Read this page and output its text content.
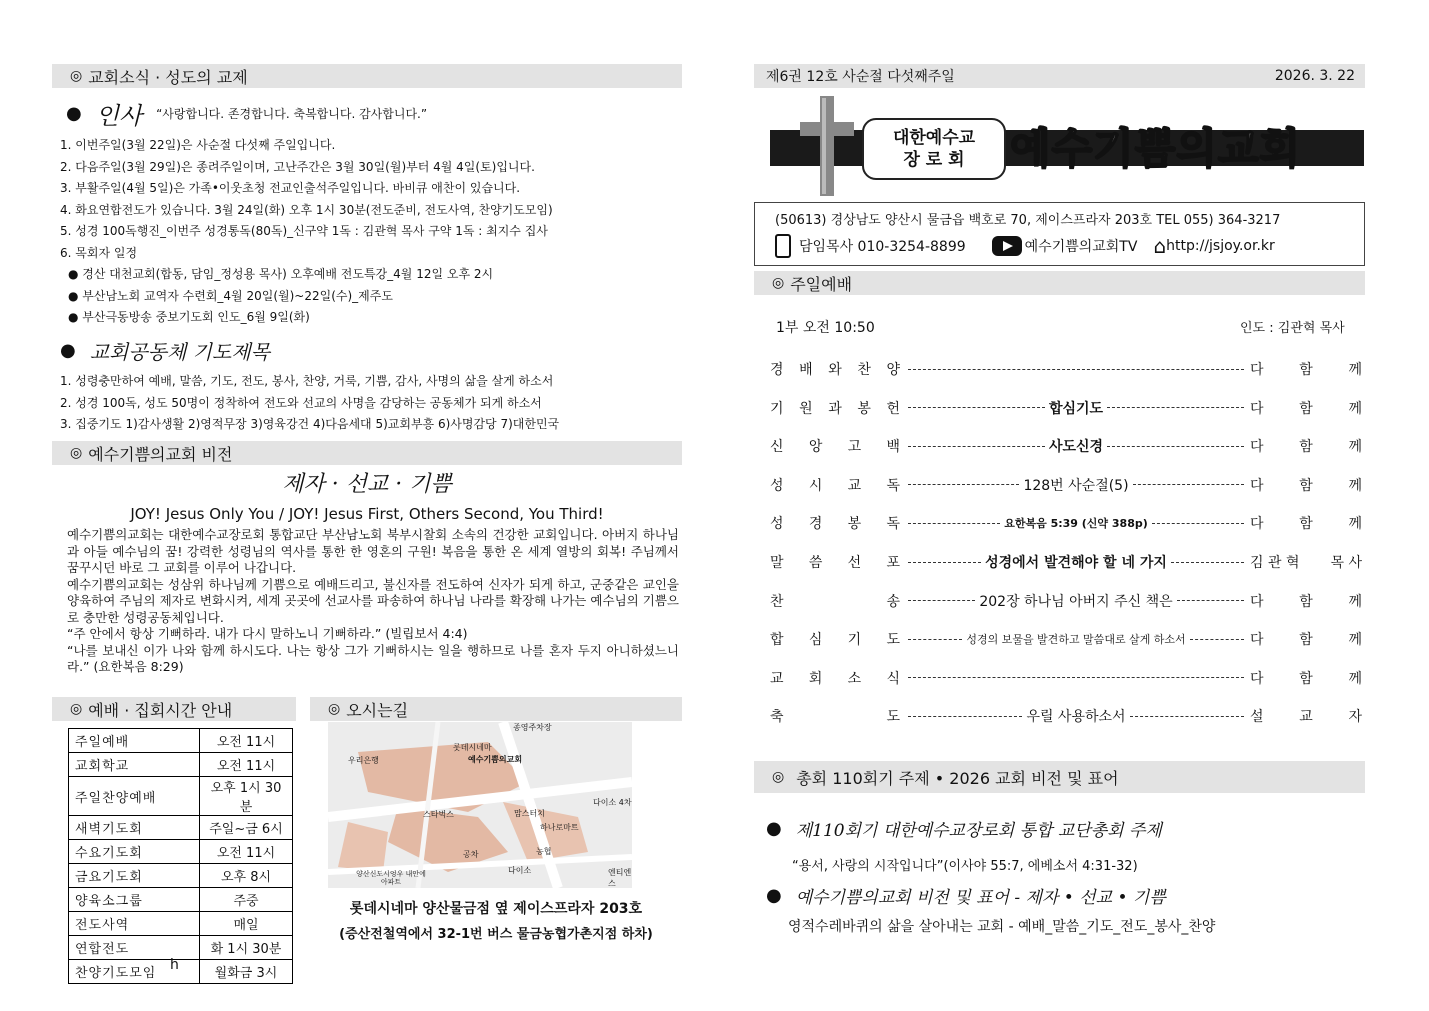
◎ 교회소식 · 성도의 교제
● 인사 “사랑합니다. 존경합니다. 축복합니다. 감사합니다.”
1. 이번주일(3월 22일)은 사순절 다섯째 주일입니다.
2. 다음주일(3월 29일)은 종려주일이며, 고난주간은 3월 30일(월)부터 4월 4일(토)입니다.
3. 부활주일(4월 5일)은 가족•이웃초청 전교인출석주일입니다. 바비큐 애찬이 있습니다.
4. 화요연합전도가 있습니다. 3월 24일(화) 오후 1시 30분(전도준비, 전도사역, 찬양기도모임)
5. 성경 100독행진_이번주 성경통독(80독)_신구약 1독 : 김관혁 목사 구약 1독 : 최지수 집사
6. 목회자 일정
● 경산 대천교회(합동, 담임_정성용 목사) 오후예배 전도특강_4월 12일 오후 2시
● 부산남노회 교역자 수련회_4월 20일(월)~22일(수)_제주도
● 부산극동방송 중보기도회 인도_6월 9일(화)
● 교회공동체 기도제목
1. 성령충만하여 예배, 말씀, 기도, 전도, 봉사, 찬양, 거룩, 기쁨, 감사, 사명의 삶을 살게 하소서
2. 성경 100독, 성도 50명이 정착하여 전도와 선교의 사명을 감당하는 공동체가 되게 하소서
3. 집중기도 1)감사생활 2)영적무장 3)영육강건 4)다음세대 5)교회부흥 6)사명감당 7)대한민국
◎ 예수기쁨의교회 비전
제자 · 선교 · 기쁨
JOY! Jesus Only You / JOY! Jesus First, Others Second, You Third!

예수기쁨의교회는 대한예수교장로회 통합교단 부산남노회 북부시찰회 소속의 건강한 교회입니다. 아버지 하나님과 아들 예수님의 꿈! 강력한 성령님의 역사를 통한 한 영혼의 구원! 복음을 통한 온 세계 열방의 회복! 주님께서 꿈꾸시던 바로 그 교회를 이루어 나갑니다.

예수기쁨의교회는 성삼위 하나님께 기쁨으로 예배드리고, 불신자를 전도하여 신자가 되게 하고, 군중같은 교인을 양육하여 주님의 제자로 변화시켜, 세계 곳곳에 선교사를 파송하여 하나님 나라를 확장해 나가는 예수님의 기쁨으로 충만한 성령공동체입니다.

“주 안에서 항상 기뻐하라. 내가 다시 말하노니 기뻐하라.” (빌립보서 4:4)

“나를 보내신 이가 나와 함께 하시도다. 나는 항상 그가 기뻐하시는 일을 행하므로 나를 혼자 두지 아니하셨느니라.” (요한복음 8:29)

◎ 예배 · 집회시간 안내
주일예배	오전 11시
교회학교	오전 11시
주일찬양예배	오후 1시 30분
새벽기도회	주일~금 6시
수요기도회	오전 11시
금요기도회	오후 8시
양육소그룹	주중
전도사역	매일
연합전도	화 1시 30분
찬양기도모임	월화금 3시
◎ 오시는길
종영주차장
롯데시네마
예수기쁨의교회
우리은행
다이소 4차
스타벅스
하나로마트
맘스터치
공차	농협
다이소	엔티엔스
양산신도시엉우 내안에아파트
롯데시네마 양산물금점 옆 제이스프라자 203호
(증산전철역에서 32-1번 버스 물금농협가촌지점 하차)
h
제6권 12호 사순절 다섯째주일	2026. 3. 22
대한예수교
장 로 회 예수기쁨의교회
(50613) 경상남도 양산시 물금읍 백호로 70, 제이스프라자 203호 TEL 055) 364-3217
담임목사 010-3254-8899	예수기쁨의교회TV ⌂ http://jsjoy.or.kr
◎ 주일예배
1부 오전 10:50	인도 : 김관혁 목사
경 배 와 찬 양	다	함	께
기 원 과 봉 헌	합심기도	다	함	께
신 앙 고 백	사도신경	다	함	께
성 시 교 독	128번 사순절(5)	다	함	께
성 경 봉 독	요한복음 5:39 (신약 388p)	다	함	께
말 씀 선 포	성경에서 발견해야 할 네 가지	김 관 혁 목 사
찬	송	202장 하나님 아버지 주신 책은	다	함	께
합 심 기 도	성경의 보물을 발견하고 말씀대로 살게 하소서	다	함	께
교 회 소 식	다	함	께
축	도	우릴 사용하소서	설	교	자
◎ 총회 110회기 주제 • 2026 교회 비전 및 표어
● 제110회기 대한예수교장로회 통합 교단총회 주제
“용서, 사랑의 시작입니다”(이사야 55:7, 에베소서 4:31-32)
● 예수기쁨의교회 비전 및 표어 - 제자 • 선교 • 기쁨
영적수레바퀴의 삶을 살아내는 교회 - 예배_말씀_기도_전도_봉사_찬양
